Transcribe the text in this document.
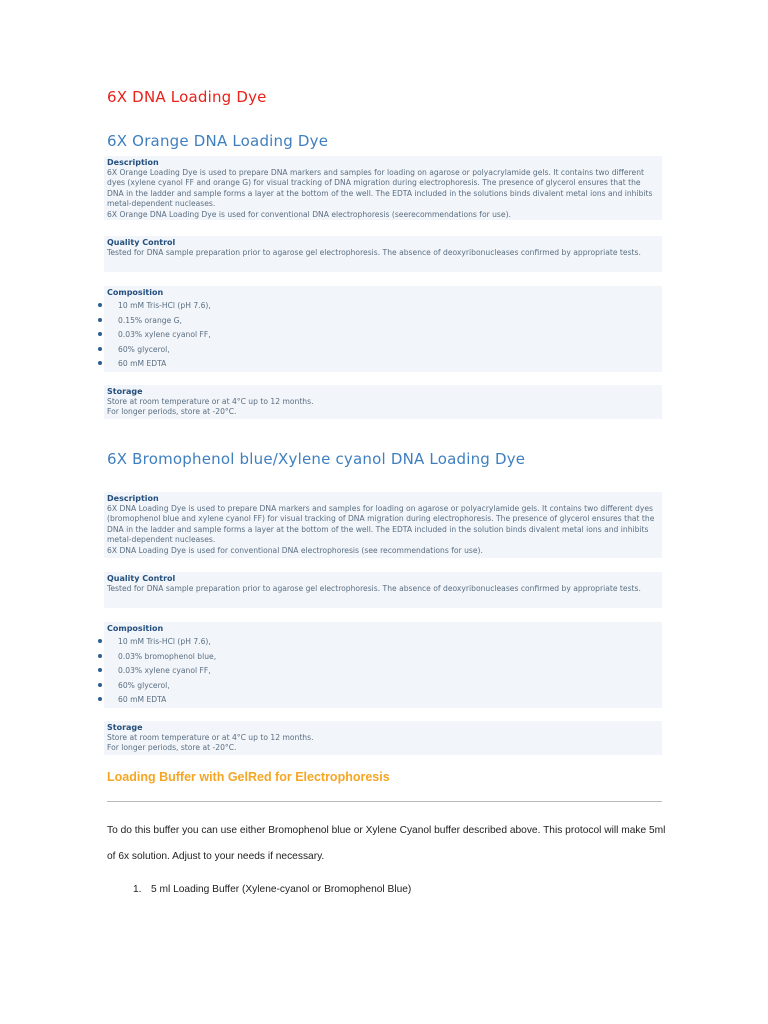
6X DNA Loading Dye
6X Orange DNA Loading Dye
Description

6X Orange Loading Dye is used to prepare DNA markers and samples for loading on agarose or polyacrylamide gels. It contains two different dyes (xylene cyanol FF and orange G) for visual tracking of DNA migration during electrophoresis. The presence of glycerol ensures that the DNA in the ladder and sample forms a layer at the bottom of the well. The EDTA included in the solutions binds divalent metal ions and inhibits metal-dependent nucleases.

6X Orange DNA Loading Dye is used for conventional DNA electrophoresis (seerecommendations for use).

Quality Control
Tested for DNA sample preparation prior to agarose gel electrophoresis. The absence of deoxyribonucleases confirmed by appropriate tests.
Composition
10 mM Tris-HCl (pH 7.6),
0.15% orange G,
0.03% xylene cyanol FF,
60% glycerol,
60 mM EDTA
Storage
Store at room temperature or at 4°C up to 12 months.
For longer periods, store at -20°C.
6X Bromophenol blue/Xylene cyanol DNA Loading Dye
Description

6X DNA Loading Dye is used to prepare DNA markers and samples for loading on agarose or polyacrylamide gels. It contains two different dyes (bromophenol blue and xylene cyanol FF) for visual tracking of DNA migration during electrophoresis. The presence of glycerol ensures that the DNA in the ladder and sample forms a layer at the bottom of the well. The EDTA included in the solution binds divalent metal ions and inhibits metal-dependent nucleases.

6X DNA Loading Dye is used for conventional DNA electrophoresis (see recommendations for use).

Quality Control
Tested for DNA sample preparation prior to agarose gel electrophoresis. The absence of deoxyribonucleases confirmed by appropriate tests.
Composition
10 mM Tris-HCl (pH 7.6),
0.03% bromophenol blue,
0.03% xylene cyanol FF,
60% glycerol,
60 mM EDTA
Storage
Store at room temperature or at 4°C up to 12 months.
For longer periods, store at -20°C.
Loading Buffer with GelRed for Electrophoresis

To do this buffer you can use either Bromophenol blue or Xylene Cyanol buffer described above. This protocol will make 5ml of 6x solution. Adjust to your needs if necessary.

1. 5 ml Loading Buffer (Xylene-cyanol or Bromophenol Blue)
